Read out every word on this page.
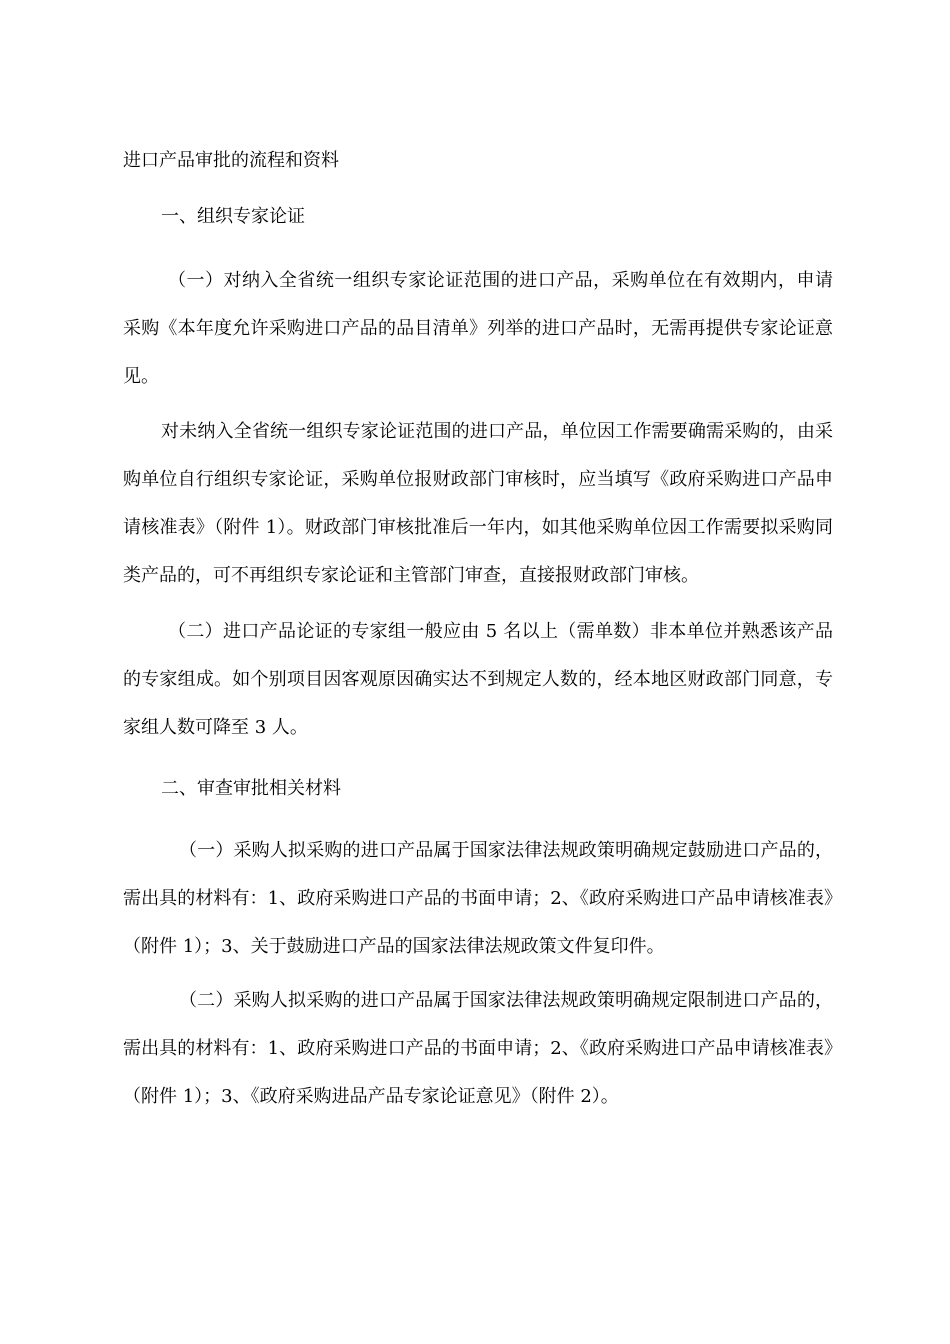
进口产品审批的流程和资料
一、组织专家论证

（一）对纳入全省统一组织专家论证范围的进口产品，采购单位在有效期内，申请采购《本年度允许采购进口产品的品目清单》列举的进口产品时，无需再提供专家论证意见。

对未纳入全省统一组织专家论证范围的进口产品，单位因工作需要确需采购的，由采购单位自行组织专家论证，采购单位报财政部门审核时，应当填写《政府采购进口产品申请核准表》（附件 1）。财政部门审核批准后一年内，如其他采购单位因工作需要拟采购同类产品的，可不再组织专家论证和主管部门审查，直接报财政部门审核。

（二）进口产品论证的专家组一般应由 5 名以上（需单数）非本单位并熟悉该产品的专家组成。如个别项目因客观原因确实达不到规定人数的，经本地区财政部门同意，专家组人数可降至 3 人。

二、审查审批相关材料

（一）采购人拟采购的进口产品属于国家法律法规政策明确规定鼓励进口产品的，需出具的材料有：1、政府采购进口产品的书面申请；2、《政府采购进口产品申请核准表》（附件 1）；3、关于鼓励进口产品的国家法律法规政策文件复印件。

（二）采购人拟采购的进口产品属于国家法律法规政策明确规定限制进口产品的，需出具的材料有：1、政府采购进口产品的书面申请；2、《政府采购进口产品申请核准表》（附件 1）；3、《政府采购进品产品专家论证意见》（附件 2）。
